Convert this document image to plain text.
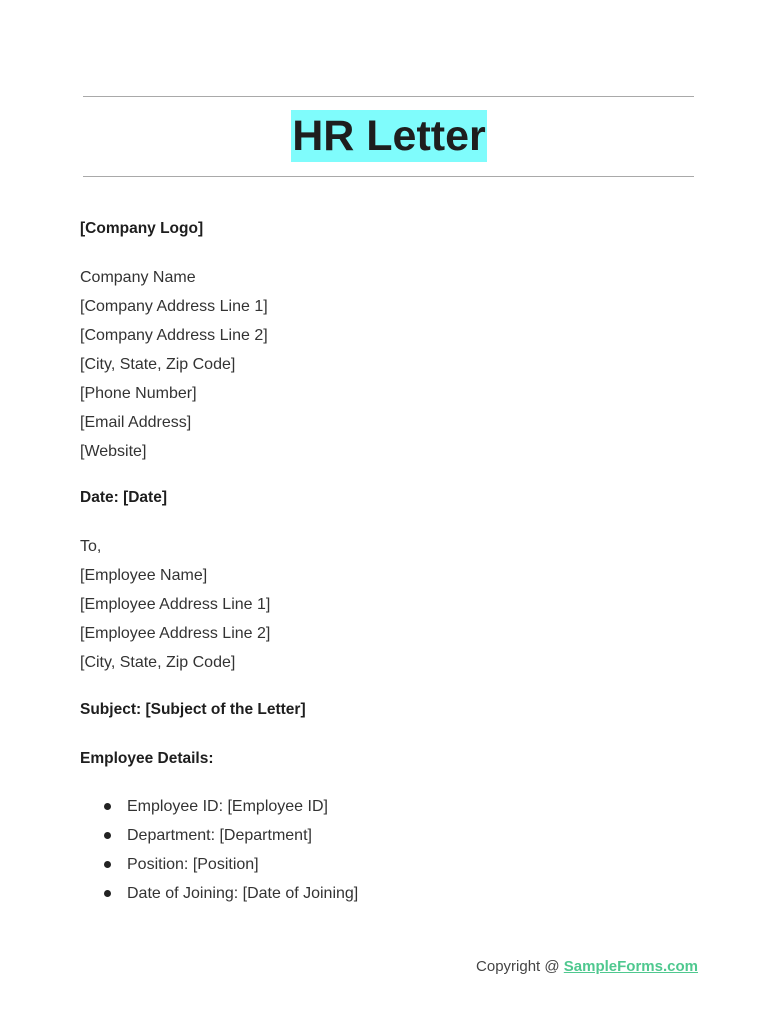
HR Letter
[Company Logo]
Company Name
[Company Address Line 1]
[Company Address Line 2]
[City, State, Zip Code]
[Phone Number]
[Email Address]
[Website]
Date: [Date]
To,
[Employee Name]
[Employee Address Line 1]
[Employee Address Line 2]
[City, State, Zip Code]
Subject: [Subject of the Letter]
Employee Details:
Employee ID: [Employee ID]
Department: [Department]
Position: [Position]
Date of Joining: [Date of Joining]
Copyright @ SampleForms.com
